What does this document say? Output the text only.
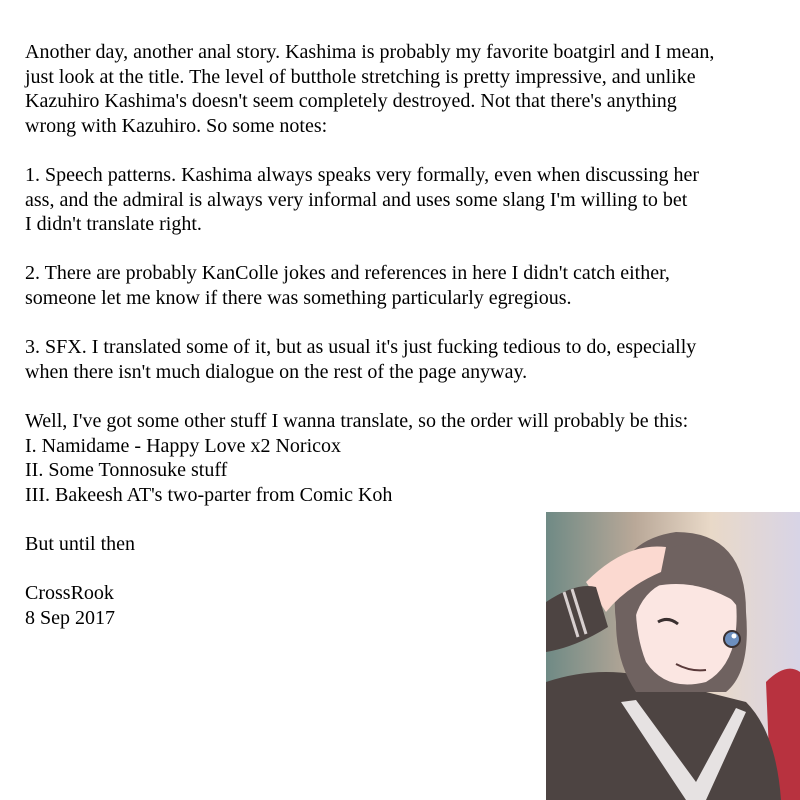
Another day, another anal story. Kashima is probably my favorite boatgirl and I mean,
just look at the title. The level of butthole stretching is pretty impressive, and unlike
Kazuhiro Kashima's doesn't seem completely destroyed. Not that there's anything
wrong with Kazuhiro. So some notes:
1. Speech patterns. Kashima always speaks very formally, even when discussing her
ass, and the admiral is always very informal and uses some slang I'm willing to bet
I didn't translate right.
2. There are probably KanColle jokes and references in here I didn't catch either,
someone let me know if there was something particularly egregious.
3. SFX. I translated some of it, but as usual it's just fucking tedious to do, especially
when there isn't much dialogue on the rest of the page anyway.
Well, I've got some other stuff I wanna translate, so the order will probably be this:
I. Namidame - Happy Love x2 Noricox
II. Some Tonnosuke stuff
III. Bakeesh AT's two-parter from Comic Koh
But until then
CrossRook
8 Sep 2017
